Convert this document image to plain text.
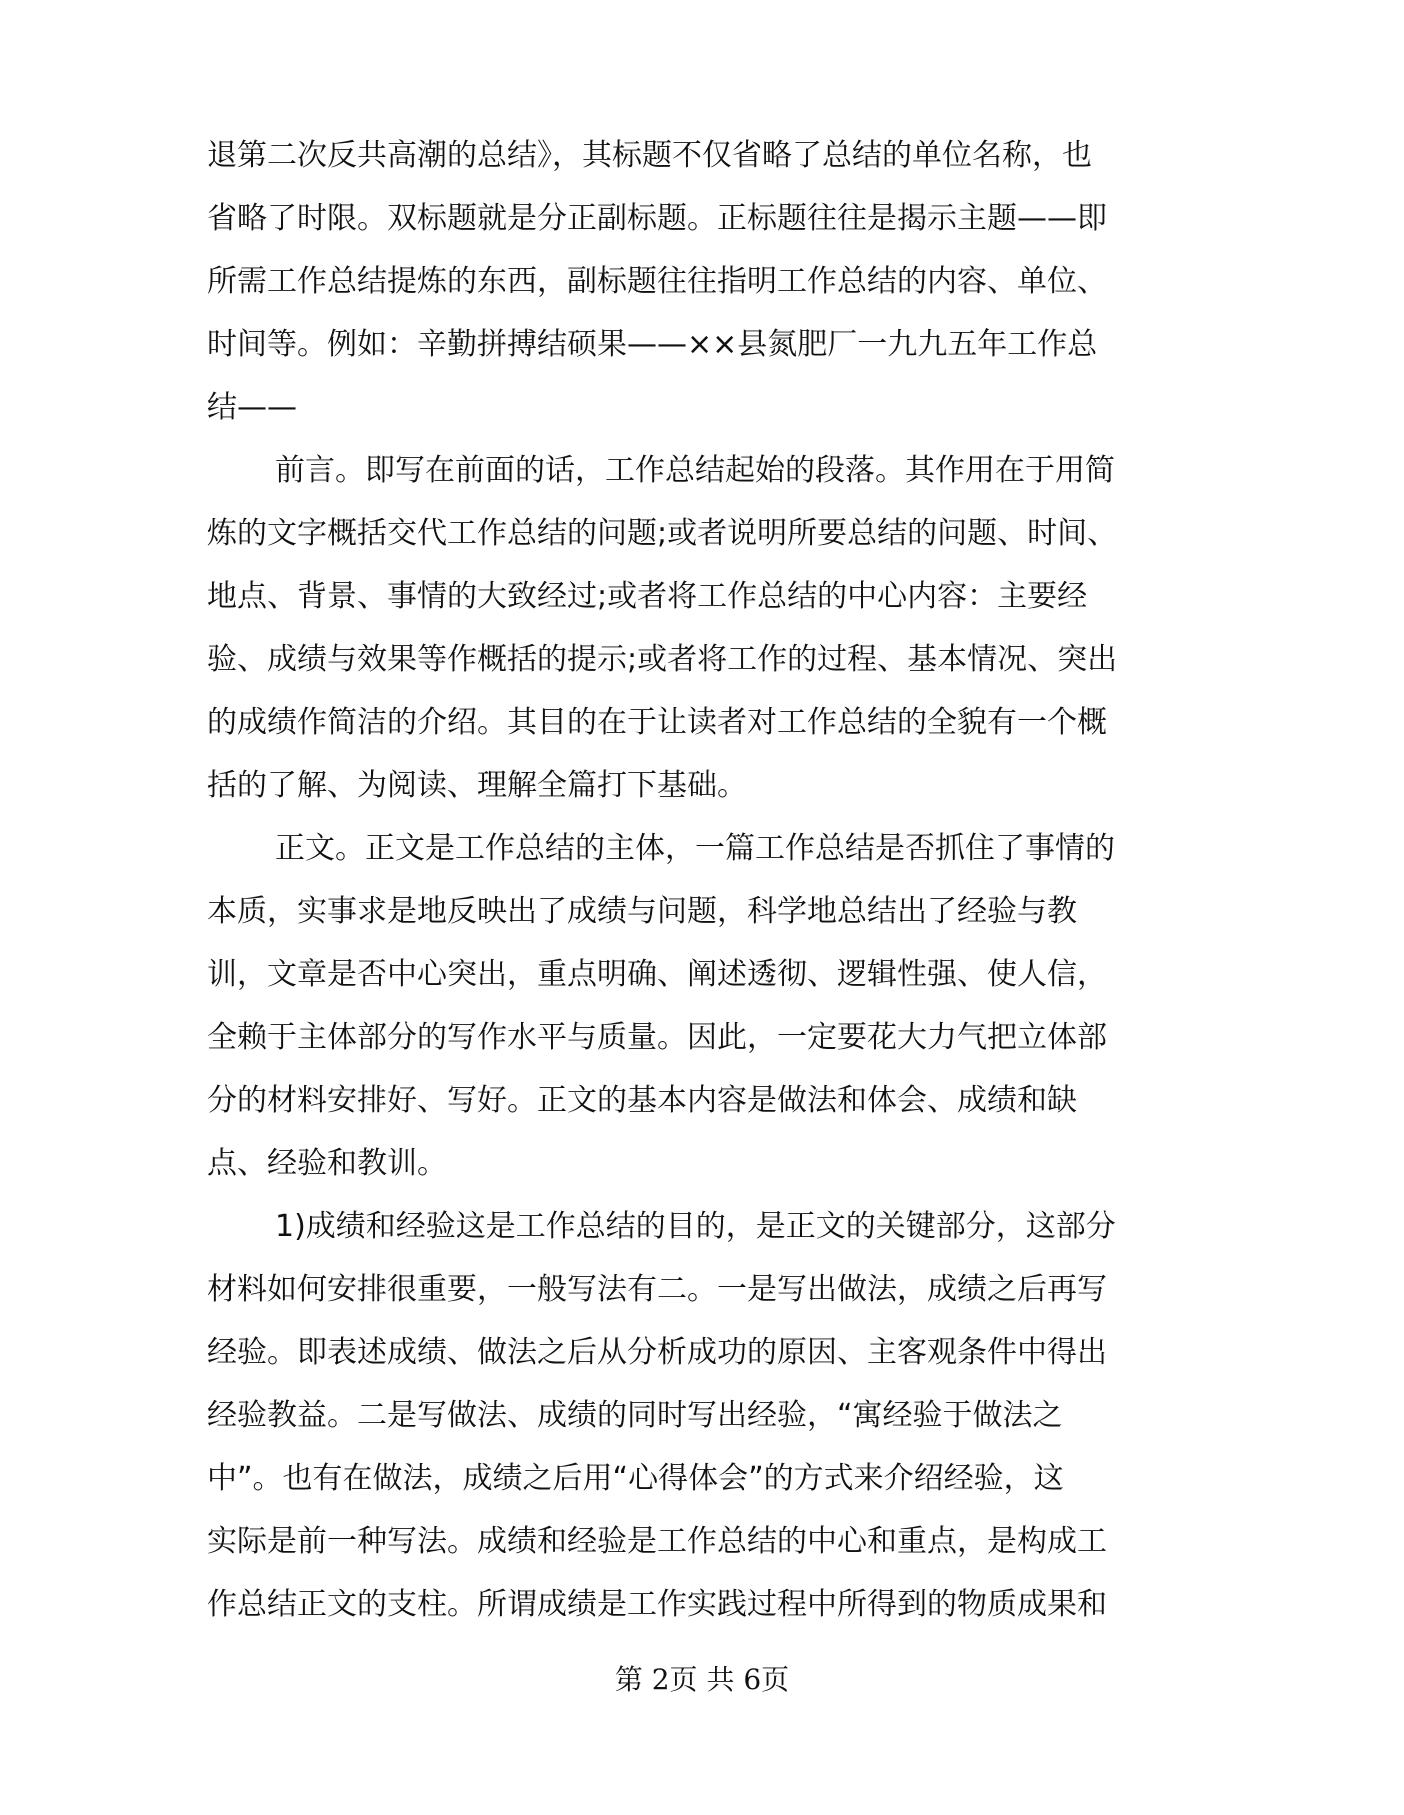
退第二次反共高潮的总结》，其标题不仅省略了总结的单位名称，也
省略了时限。双标题就是分正副标题。正标题往往是揭示主题——即
所需工作总结提炼的东西，副标题往往指明工作总结的内容、单位、
时间等。例如：辛勤拼搏结硕果——××县氮肥厂一九九五年工作总
结——
前言。即写在前面的话，工作总结起始的段落。其作用在于用简
炼的文字概括交代工作总结的问题;或者说明所要总结的问题、时间、
地点、背景、事情的大致经过;或者将工作总结的中心内容：主要经
验、成绩与效果等作概括的提示;或者将工作的过程、基本情况、突出
的成绩作简洁的介绍。其目的在于让读者对工作总结的全貌有一个概
括的了解、为阅读、理解全篇打下基础。
正文。正文是工作总结的主体，一篇工作总结是否抓住了事情的
本质，实事求是地反映出了成绩与问题，科学地总结出了经验与教
训，文章是否中心突出，重点明确、阐述透彻、逻辑性强、使人信，
全赖于主体部分的写作水平与质量。因此，一定要花大力气把立体部
分的材料安排好、写好。正文的基本内容是做法和体会、成绩和缺
点、经验和教训。
1)成绩和经验这是工作总结的目的，是正文的关键部分，这部分
材料如何安排很重要，一般写法有二。一是写出做法，成绩之后再写
经验。即表述成绩、做法之后从分析成功的原因、主客观条件中得出
经验教益。二是写做法、成绩的同时写出经验，“寓经验于做法之
中”。也有在做法，成绩之后用“心得体会”的方式来介绍经验，这
实际是前一种写法。成绩和经验是工作总结的中心和重点，是构成工
作总结正文的支柱。所谓成绩是工作实践过程中所得到的物质成果和
第 2页 共 6页
